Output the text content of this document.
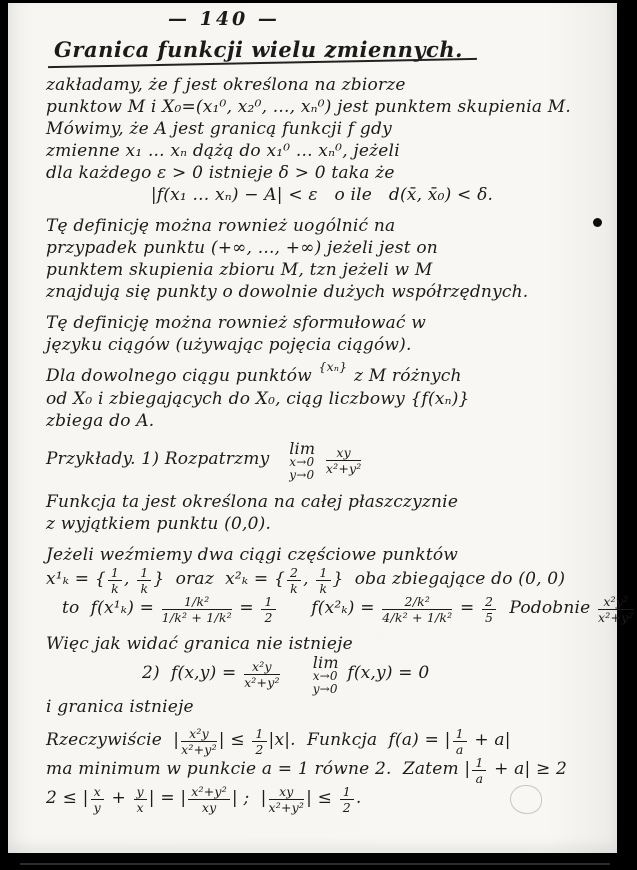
— 140 —
Granica funkcji wielu zmiennych.
zakładamy, że f jest określona na zbiorze
punktow M i X₀=(x₁⁰, x₂⁰, ..., xₙ⁰) jest punktem skupienia M.
Mówimy, że A jest granicą funkcji f gdy
zmienne x₁ ... xₙ dążą do x₁⁰ ... xₙ⁰, jeżeli
dla każdego ε > 0 istnieje δ > 0 taka że
|f(x₁ ... xₙ) − A| < ε   o ile   d(x̄, x̄₀) < δ.
Tę definicję można rownież uogólnić na
przypadek punktu (+∞, ..., +∞) jeżeli jest on
punktem skupienia zbioru M, tzn jeżeli w M
znajdują się punkty o dowolnie dużych współrzędnych.
Tę definicję można rownież sformułować w
języku ciągów (używając pojęcia ciągów).
Dla dowolnego ciągu punktów {xₙ} z M różnych
od X₀ i zbiegających do X₀, ciąg liczbowy {f(xₙ)}
zbiega do A.
Przykłady. 1) Rozpatrzmy
lim
x→0
y→0
$\frac{xy}{\text{x²+y²}}$
Funkcja ta jest określona na całej płaszczyznie
z wyjątkiem punktu (0,0).
Jeżeli weźmiemy dwa ciągi częściowe punktów
x¹ₖ = { $\frac{1}{k}$ , $\frac{1}{k}$ }  oraz  x²ₖ = { $\frac{2}{k}$ , $\frac{1}{k}$ }  oba zbiegające do (0, 0)
to  $f(x^1_k) = \frac{\text{1/k²}}{\text{1/k² + 1/k²}} = \frac{1}{2} f(x^2_k) = \frac{\text{2/k²}}{\text{4/k² + 1/k²}} = \frac{2}{5}$ Podobnie $\frac{\text{x²y²}}{\text{x²+y²}}$
Więc jak widać granica nie istnieje
2)  $f(x,y) = \frac{\text{x²y}}{\text{x²+y²}}$
lim
x→0
y→0
f(x,y) = 0
i granica istnieje
Rzeczywiście  | $\frac{\text{x²y}}{\text{x²+y²}}$ | ≤ $\frac{1}{2} |x|$.  Funkcja  f(a) = | $\frac{1}{a} + a|$
ma minimum w punkcie a = 1 równe 2.  Zatem | $\frac{1}{a} + a| \ge 2$
2 ≤ | $\frac{x}{y} + \frac{y}{x}$ | = | $\frac{\text{x²+y²}}{xy}$ | ;  | $\frac{xy}{\text{x²+y²}}$ | ≤ $\frac{1}{2}$ .
